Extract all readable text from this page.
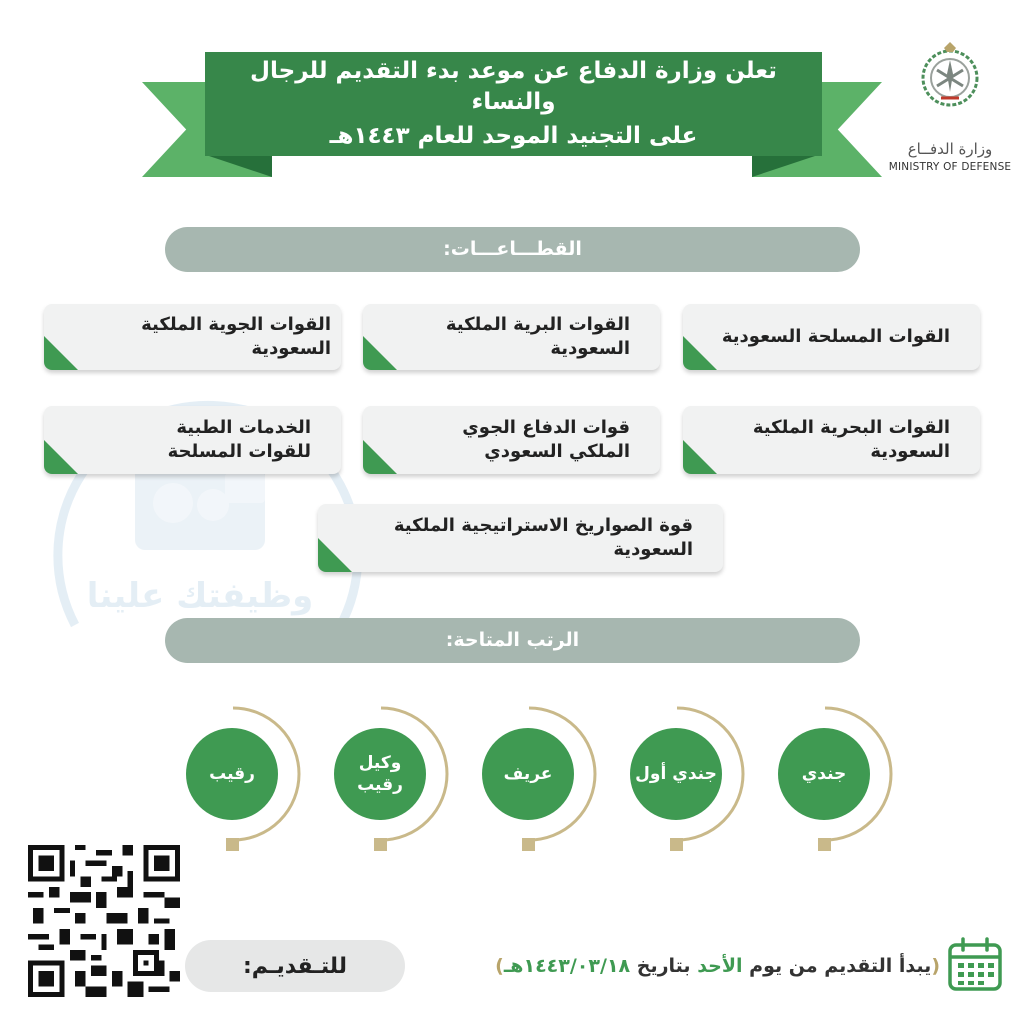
تعلن وزارة الدفاع عن موعد بدء التقديم للرجال والنساء
على التجنيد الموحد للعام ١٤٤٣هـ
وزارة الدفــاع
MINISTRY OF DEFENSE
وظيفتك علينا
القطـــاعـــات:
القوات المسلحة السعودية
القوات البرية الملكية السعودية
القوات الجوية الملكية السعودية
القوات البحرية الملكية السعودية
قوات الدفاع الجوي الملكي السعودي
الخدمات الطبية للقوات المسلحة
قوة الصواريخ الاستراتيجية الملكية السعودية
الرتب المتاحة:
جندي
جندي أول
عريف
وكيل رقيب
رقيب
للتـقديـم:	(يبدأ التقديم من يوم الأحد بتاريخ ١٤٤٣/٠٣/١٨هـ)
